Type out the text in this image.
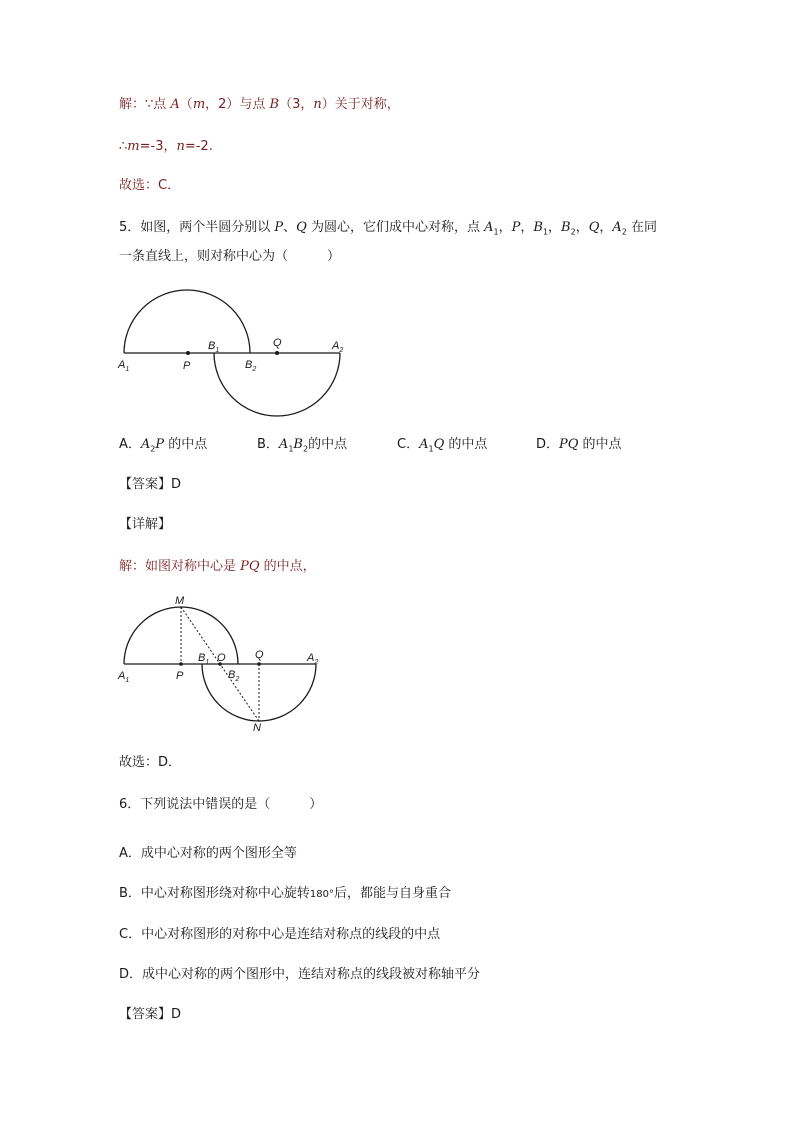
解：∵点 A（m，2）与点 B（3，n）关于对称，
∴m=-3，n=-2.
故选：C．
5．如图，两个半圆分别以 P、Q 为圆心，它们成中心对称，点 $A_1$，P，$B_1$，$B_2$，Q，$A_2$ 在同
一条直线上，则对称中心为（　　　）
$A_1$	P
$B_1$
$B_2$
Q	$A_2$
A．$A_2P$ 的中点	B．$A_1B_2$的中点	C．$A_1Q$ 的中点	D．PQ 的中点
【答案】D
【详解】
解：如图对称中心是 PQ 的中点，
M
N
O
$A_1$	P
$B_1$
$B_2$
Q	$A_2$
故选：D．
6．下列说法中错误的是（　　　）
A．成中心对称的两个图形全等
B．中心对称图形绕对称中心旋转180°后，都能与自身重合
C．中心对称图形的对称中心是连结对称点的线段的中点
D．成中心对称的两个图形中，连结对称点的线段被对称轴平分
【答案】D
